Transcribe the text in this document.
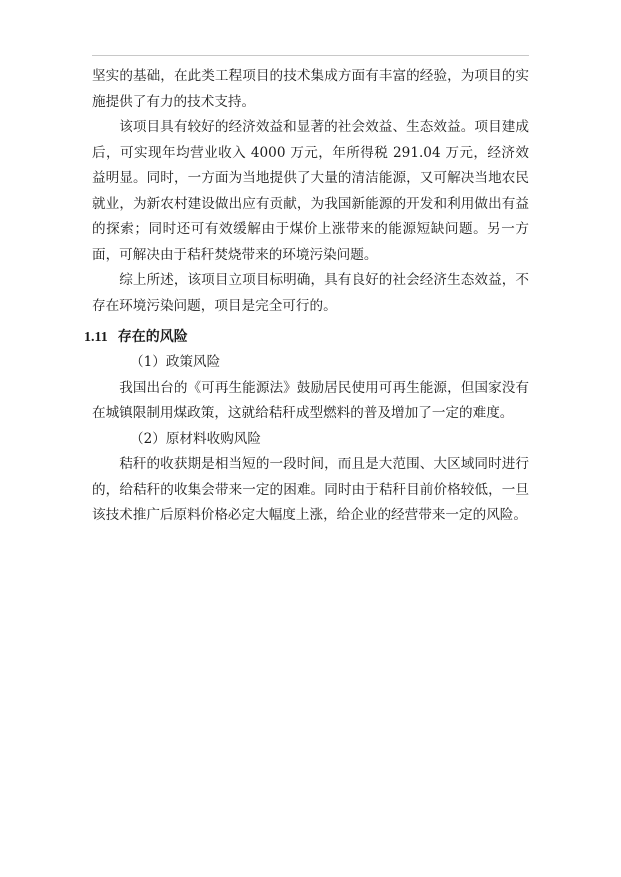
坚实的基础，在此类工程项目的技术集成方面有丰富的经验，为项目的实施提供了有力的技术支持。

该项目具有较好的经济效益和显著的社会效益、生态效益。项目建成后，可实现年均营业收入 4000 万元，年所得税 291.04 万元，经济效益明显。同时，一方面为当地提供了大量的清洁能源，又可解决当地农民就业，为新农村建设做出应有贡献，为我国新能源的开发和利用做出有益的探索；同时还可有效缓解由于煤价上涨带来的能源短缺问题。另一方面，可解决由于秸秆焚烧带来的环境污染问题。

综上所述，该项目立项目标明确，具有良好的社会经济生态效益，不存在环境污染问题，项目是完全可行的。

1.11 存在的风险
（1）政策风险

我国出台的《可再生能源法》鼓励居民使用可再生能源，但国家没有在城镇限制用煤政策，这就给秸秆成型燃料的普及增加了一定的难度。

（2）原材料收购风险

秸秆的收获期是相当短的一段时间，而且是大范围、大区域同时进行的，给秸秆的收集会带来一定的困难。同时由于秸秆目前价格较低，一旦该技术推广后原料价格必定大幅度上涨，给企业的经营带来一定的风险。
